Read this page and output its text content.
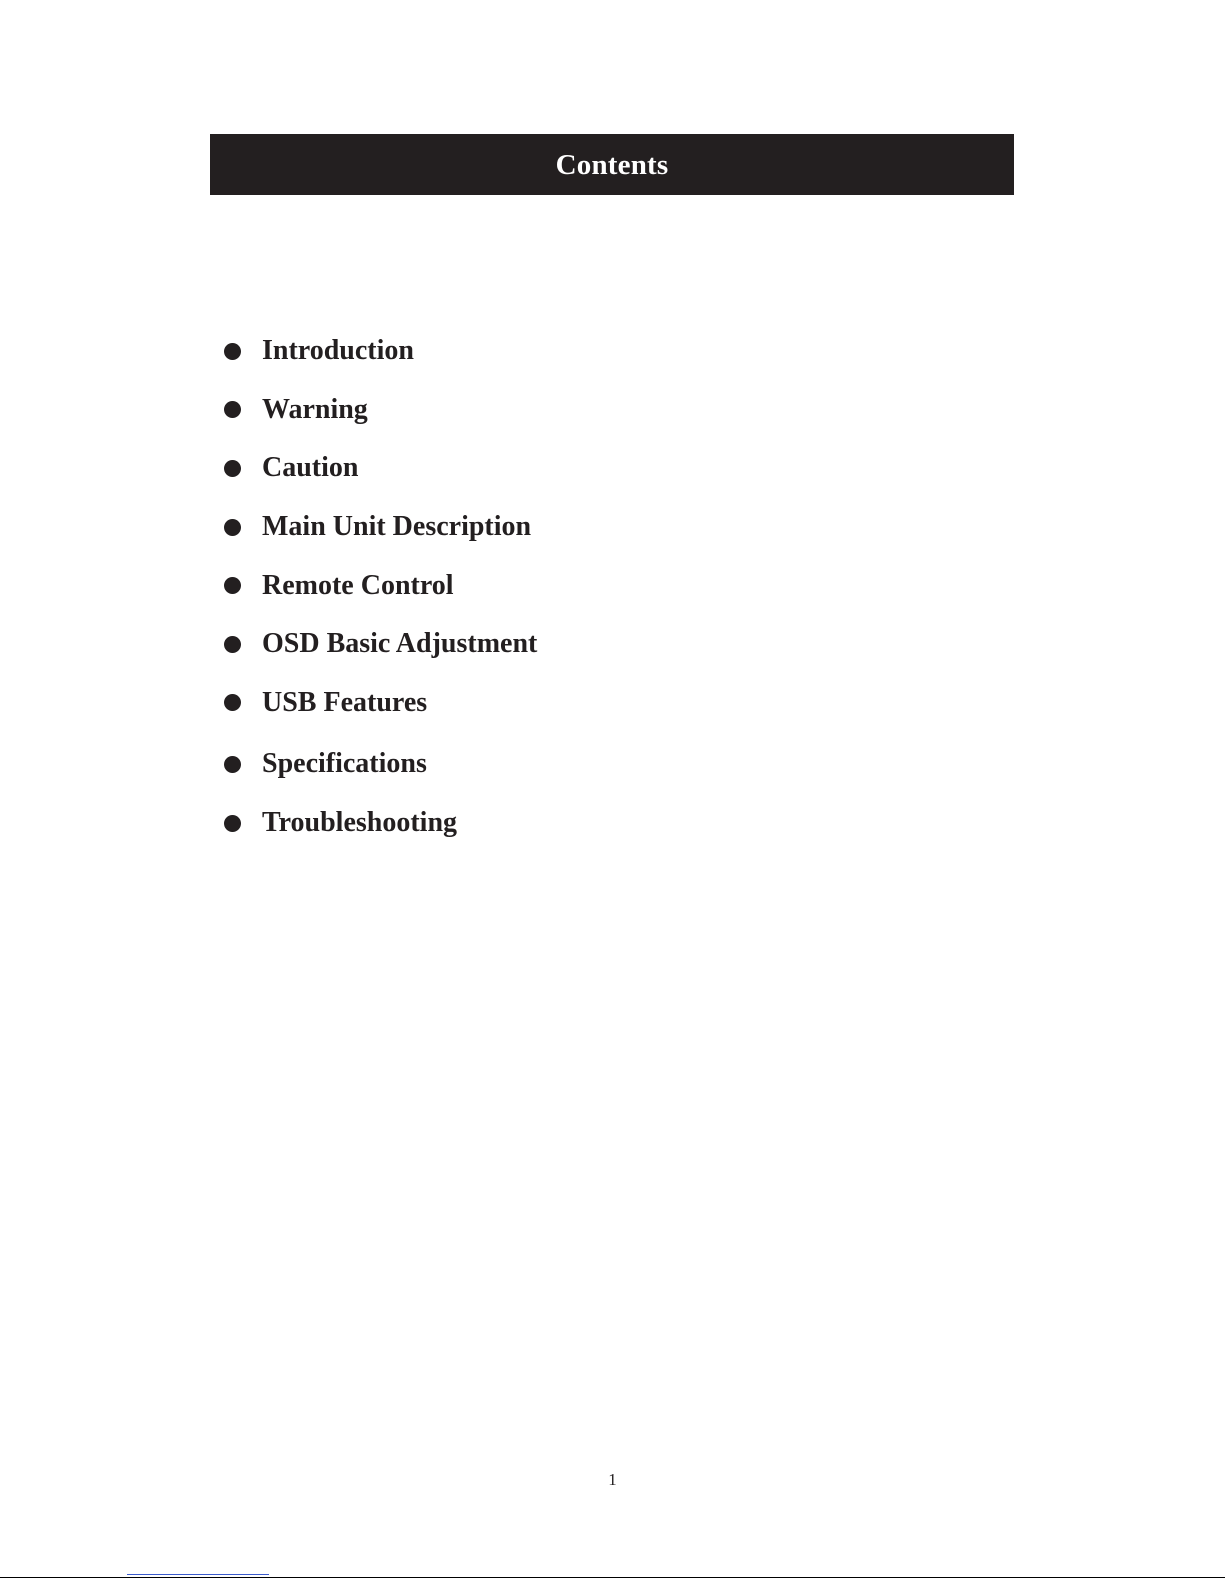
Contents
Introduction
Warning
Caution
Main Unit Description
Remote Control
OSD Basic Adjustment
USB Features
Specifications
Troubleshooting
1
